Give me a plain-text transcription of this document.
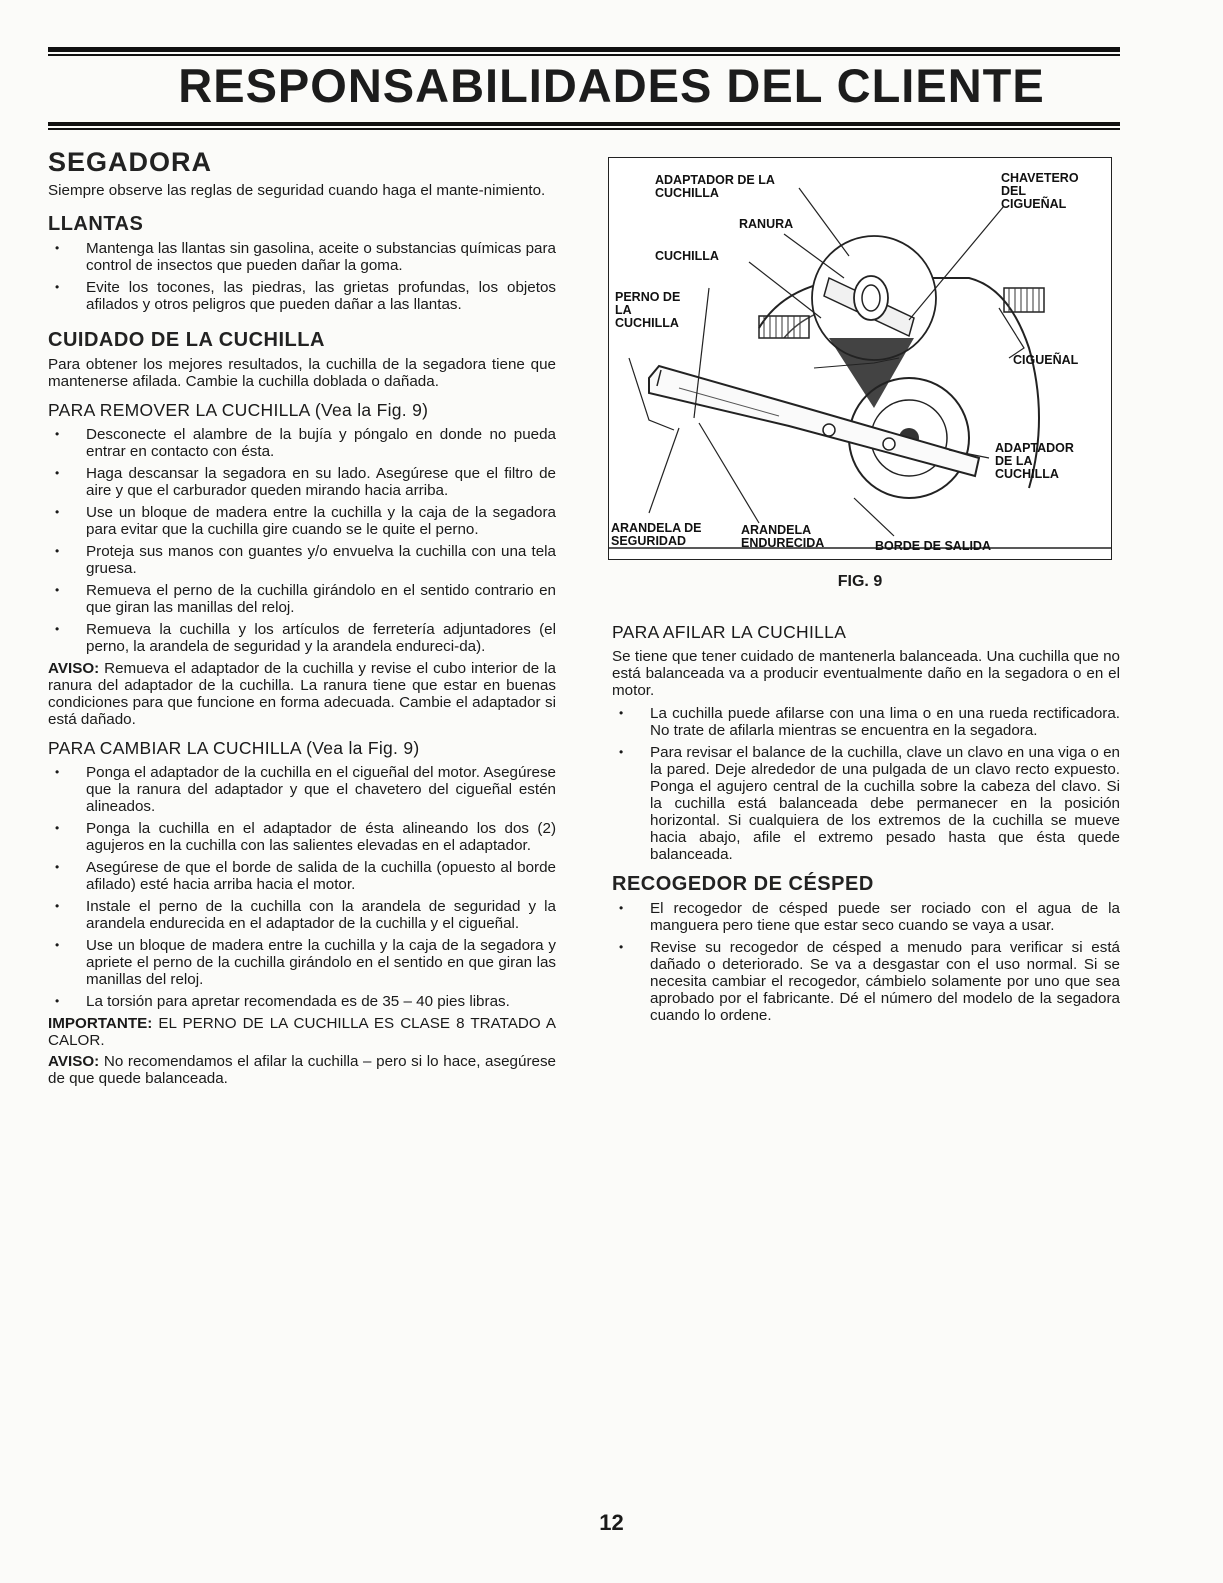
RESPONSABILIDADES DEL CLIENTE
SEGADORA

Siempre observe las reglas de seguridad cuando haga el mante-nimiento.

LLANTAS
• Mantenga las llantas sin gasolina, aceite o substancias químicas para control de insectos que pueden dañar la goma.
• Evite los tocones, las piedras, las grietas profundas, los objetos afilados y otros peligros que pueden dañar a las llantas.
CUIDADO DE LA CUCHILLA

Para obtener los mejores resultados, la cuchilla de la segadora tiene que mantenerse afilada. Cambie la cuchilla doblada o dañada.

PARA REMOVER LA CUCHILLA (Vea la Fig. 9)
• Desconecte el alambre de la bujía y póngalo en donde no pueda entrar en contacto con ésta.
• Haga descansar la segadora en su lado. Asegúrese que el filtro de aire y que el carburador queden mirando hacia arriba.
• Use un bloque de madera entre la cuchilla y la caja de la segadora para evitar que la cuchilla gire cuando se le quite el perno.
• Proteja sus manos con guantes y/o envuelva la cuchilla con una tela gruesa.
• Remueva el perno de la cuchilla girándolo en el sentido contrario en que giran las manillas del reloj.
• Remueva la cuchilla y los artículos de ferretería adjuntadores (el perno, la arandela de seguridad y la arandela endureci-da).

AVISO: Remueva el adaptador de la cuchilla y revise el cubo interior de la ranura del adaptador de la cuchilla. La ranura tiene que estar en buenas condiciones para que funcione en forma adecuada. Cambie el adaptador si está dañado.

PARA CAMBIAR LA CUCHILLA (Vea la Fig. 9)
• Ponga el adaptador de la cuchilla en el cigueñal del motor. Asegúrese que la ranura del adaptador y que el chavetero del cigueñal estén alineados.
• Ponga la cuchilla en el adaptador de ésta alineando los dos (2) agujeros en la cuchilla con las salientes elevadas en el adaptador.
• Asegúrese de que el borde de salida de la cuchilla (opuesto al borde afilado) esté hacia arriba hacia el motor.
• Instale el perno de la cuchilla con la arandela de seguridad y la arandela endurecida en el adaptador de la cuchilla y el cigueñal.
• Use un bloque de madera entre la cuchilla y la caja de la segadora y apriete el perno de la cuchilla girándolo en el sentido en que giran las manillas del reloj.
• La torsión para apretar recomendada es de 35 – 40 pies libras.

IMPORTANTE: EL PERNO DE LA CUCHILLA ES CLASE 8 TRATADO A CALOR.

AVISO: No recomendamos el afilar la cuchilla – pero si lo hace, asegúrese de que quede balanceada.

ADAPTADOR DE LA
CUCHILLA
CHAVETERO
DEL
CIGUEÑAL
RANURA
CUCHILLA
PERNO DE
LA
CUCHILLA
CIGUEÑAL
ADAPTADOR
DE LA
CUCHILLA
ARANDELA DE
SEGURIDAD
ARANDELA
ENDURECIDA	BORDE DE SALIDA
FIG. 9
PARA AFILAR LA CUCHILLA

Se tiene que tener cuidado de mantenerla balanceada. Una cuchilla que no está balanceada va a producir eventualmente daño en la segadora o en el motor.

• La cuchilla puede afilarse con una lima o en una rueda rectificadora. No trate de afilarla mientras se encuentra en la segadora.
• Para revisar el balance de la cuchilla, clave un clavo en una viga o en la pared. Deje alrededor de una pulgada de un clavo recto expuesto. Ponga el agujero central de la cuchilla sobre la cabeza del clavo. Si la cuchilla está balanceada debe permanecer en la posición horizontal. Si cualquiera de los extremos de la cuchilla se mueve hacia abajo, afile el extremo pesado hasta que ésta quede balanceada.
RECOGEDOR DE CÉSPED
• El recogedor de césped puede ser rociado con el agua de la manguera pero tiene que estar seco cuando se vaya a usar.
• Revise su recogedor de césped a menudo para verificar si está dañado o deteriorado. Se va a desgastar con el uso normal. Si se necesita cambiar el recogedor, cámbielo solamente por uno que sea aprobado por el fabricante. Dé el número del modelo de la segadora cuando lo ordene.
12
